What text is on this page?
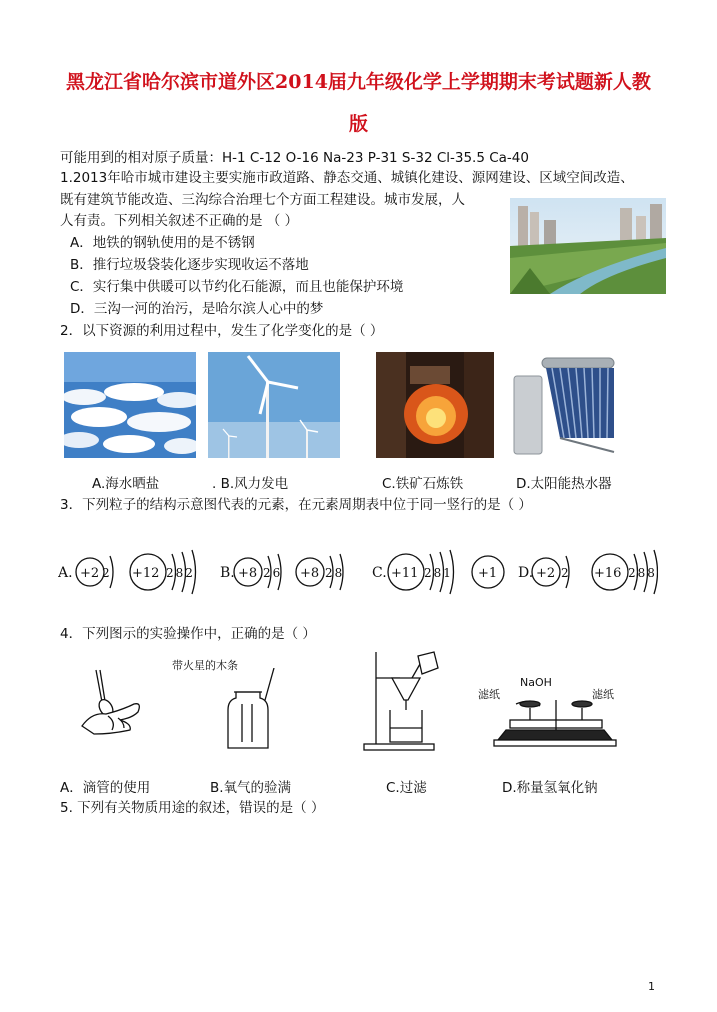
黑龙江省哈尔滨市道外区2014届九年级化学上学期期末考试题新人教
版
可能用到的相对原子质量：H-1 C-12 O-16 Na-23 P-31 S-32 Cl-35.5 Ca-40
1.2013年哈市城市建设主要实施市政道路、静态交通、城镇化建设、源网建设、区域空间改造、
既有建筑节能改造、三沟综合治理七个方面工程建设。城市发展，人
人有责。下列相关叙述不正确的是 （ ）
A．地铁的钢轨使用的是不锈钢
B．推行垃圾袋装化逐步实现收运不落地
C．实行集中供暖可以节约化石能源，而且也能保护环境
D．三沟一河的治污，是哈尔滨人心中的梦
2．以下资源的利用过程中，发生了化学变化的是（ ）
A.海水晒盐	. B.风力发电	C.铁矿石炼铁	D.太阳能热水器
3．下列粒子的结构示意图代表的元素，在元素周期表中位于同一竖行的是（ ）
A. +2 2 +12 282 B. +8 26 +8 28 C. +11 281 +1 D. +2 2 +16 288
4．下列图示的实验操作中，正确的是（ ）
带火星的木条
滤纸
NaOH
滤纸
A．滴管的使用	B.氧气的验满	C.过滤	D.称量氢氧化钠
5. 下列有关物质用途的叙述，错误的是（ ）
1
